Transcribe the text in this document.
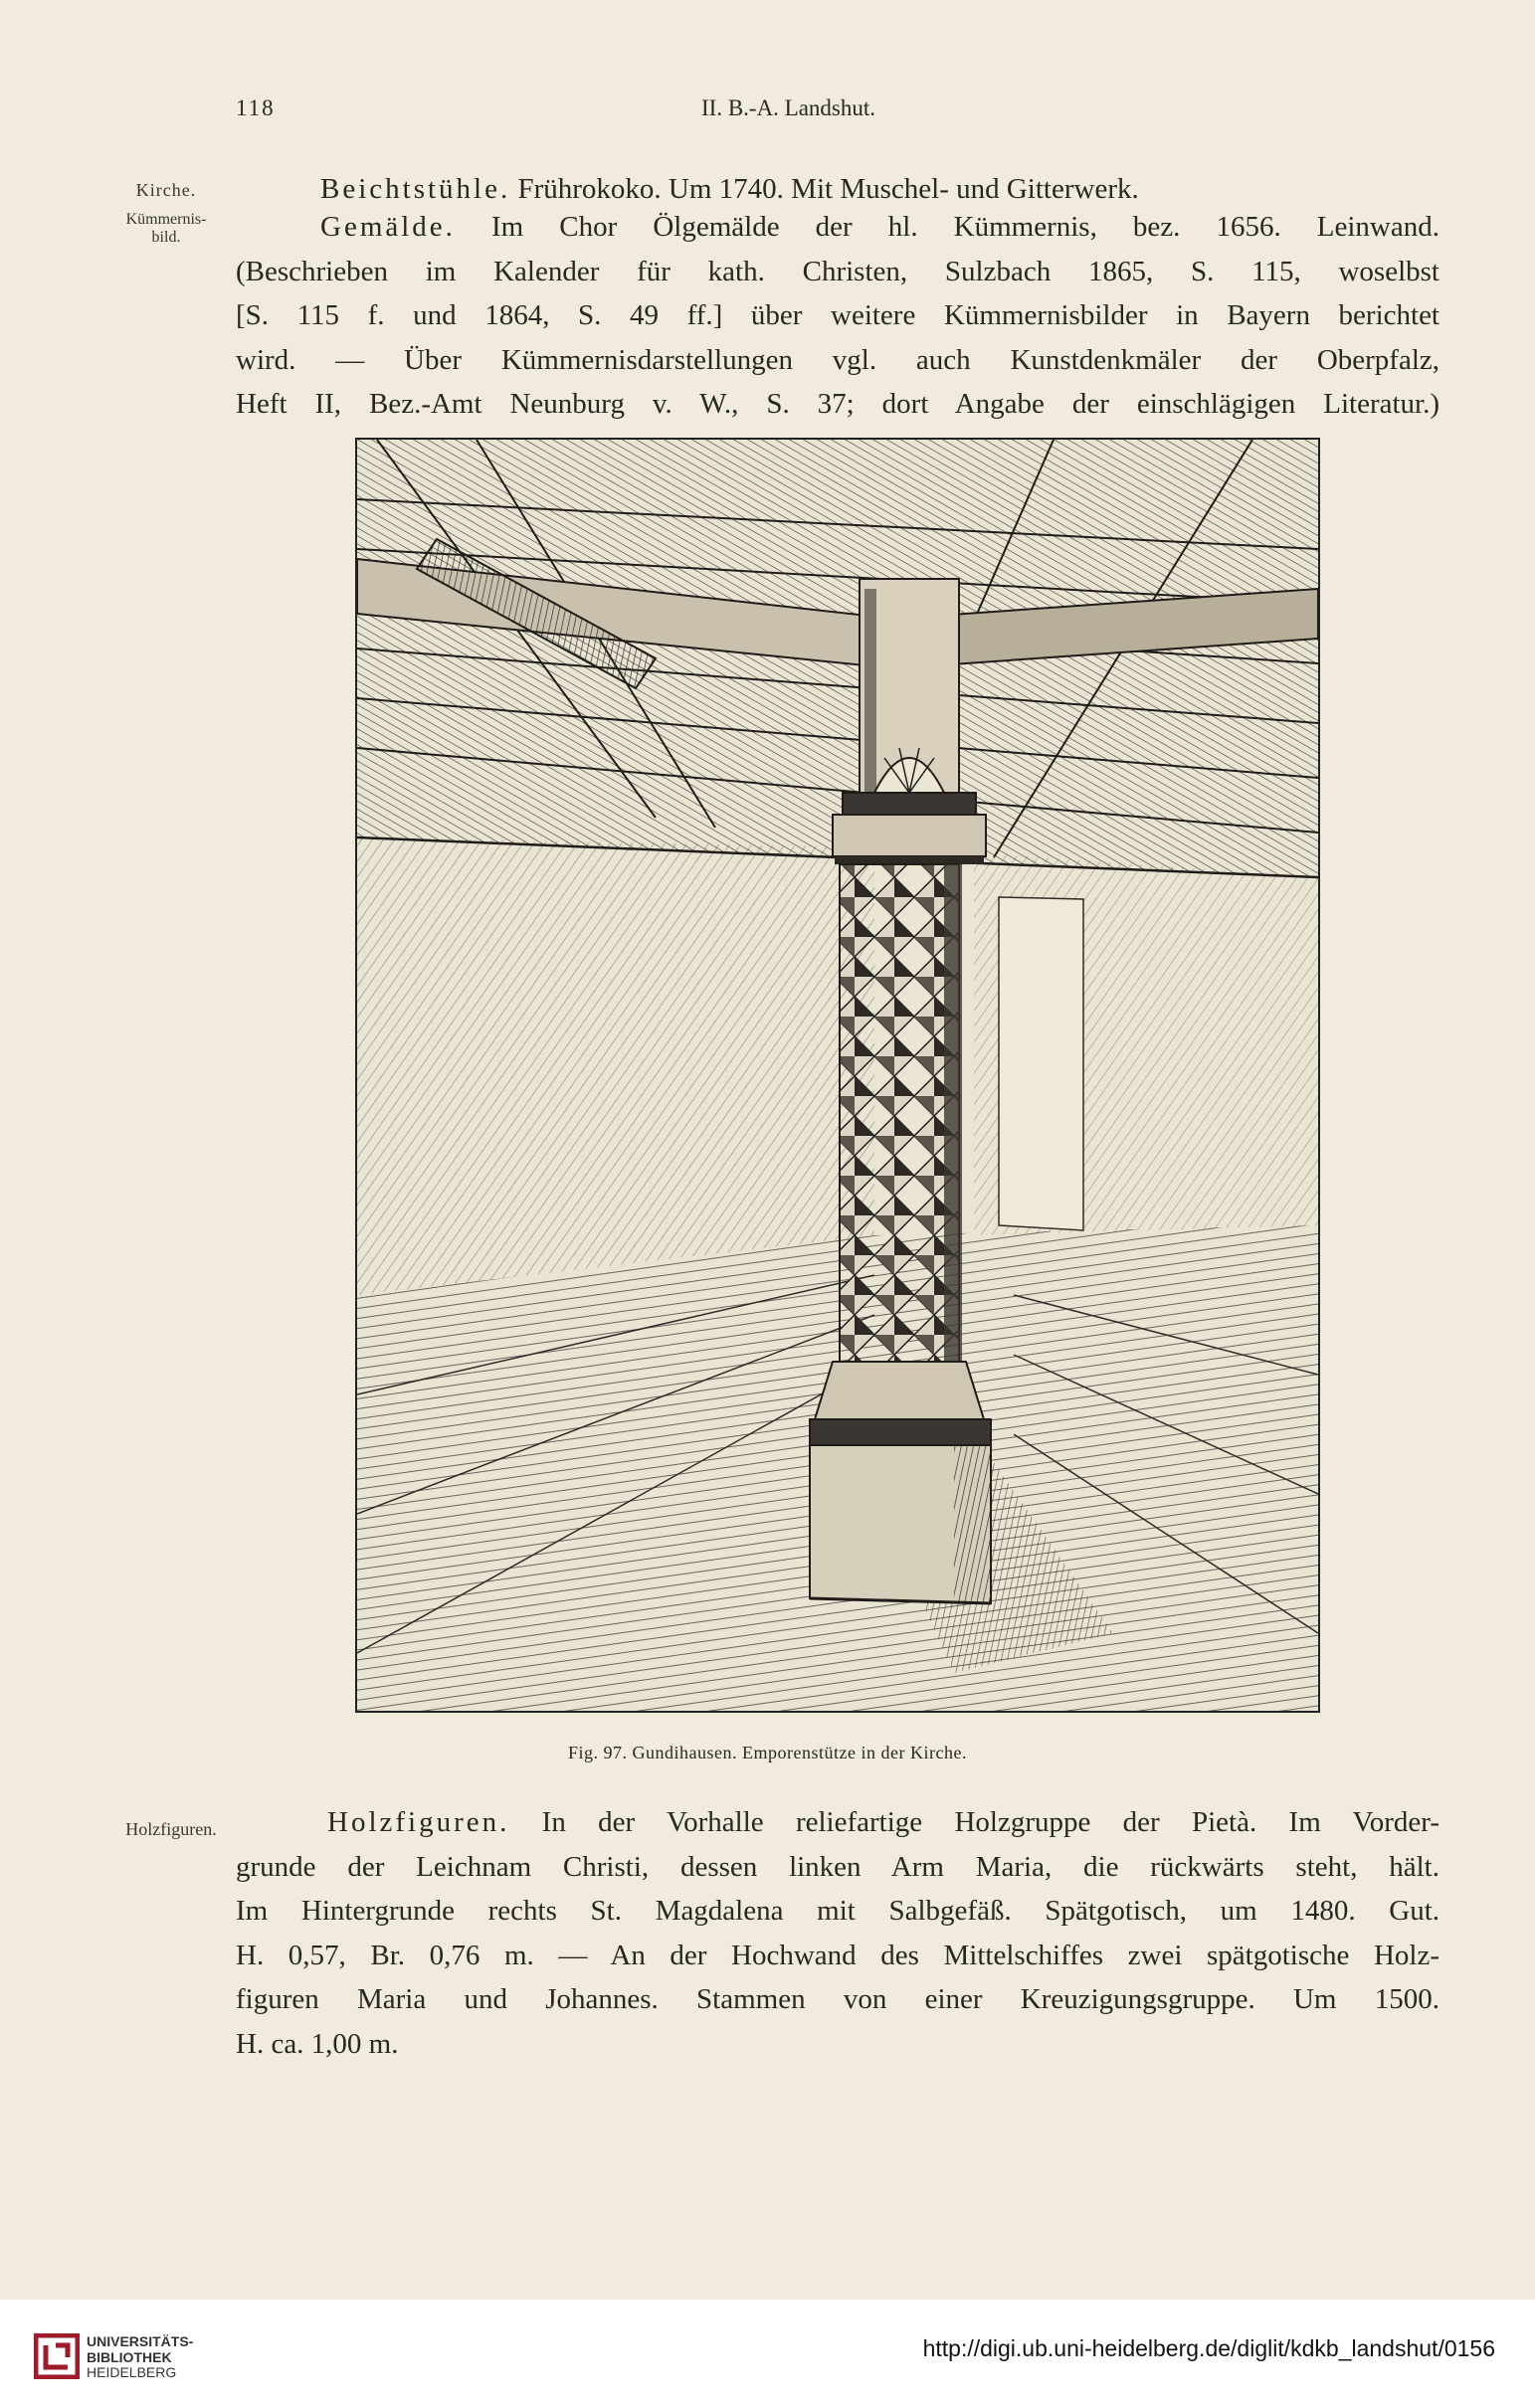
118	II. B.-A. Landshut.
Kirche.
Kümmernis-
bild.
Holzfiguren.
Beichtstühle. Frührokoko. Um 1740. Mit Muschel- und Gitterwerk.
Gemälde. Im Chor Ölgemälde der hl. Kümmernis, bez. 1656. Leinwand.
(Beschrieben im Kalender für kath. Christen, Sulzbach 1865, S. 115, woselbst
[S. 115 f. und 1864, S. 49 ff.] über weitere Kümmernisbilder in Bayern berichtet
wird. — Über Kümmernisdarstellungen vgl. auch Kunstdenkmäler der Oberpfalz,
Heft II, Bez.-Amt Neunburg v. W., S. 37; dort Angabe der einschlägigen Literatur.)
Fig. 97. Gundihausen. Emporenstütze in der Kirche.
Holzfiguren. In der Vorhalle reliefartige Holzgruppe der Pietà. Im Vorder-
grunde der Leichnam Christi, dessen linken Arm Maria, die rückwärts steht, hält.
Im Hintergrunde rechts St. Magdalena mit Salbgefäß. Spätgotisch, um 1480. Gut.
H. 0,57, Br. 0,76 m. — An der Hochwand des Mittelschiffes zwei spätgotische Holz-
figuren Maria und Johannes. Stammen von einer Kreuzigungsgruppe. Um 1500.
H. ca. 1,00 m.
UNIVERSITÄTS-
BIBLIOTHEK
HEIDELBERG
http://digi.ub.uni-heidelberg.de/diglit/kdkb_landshut/0156
